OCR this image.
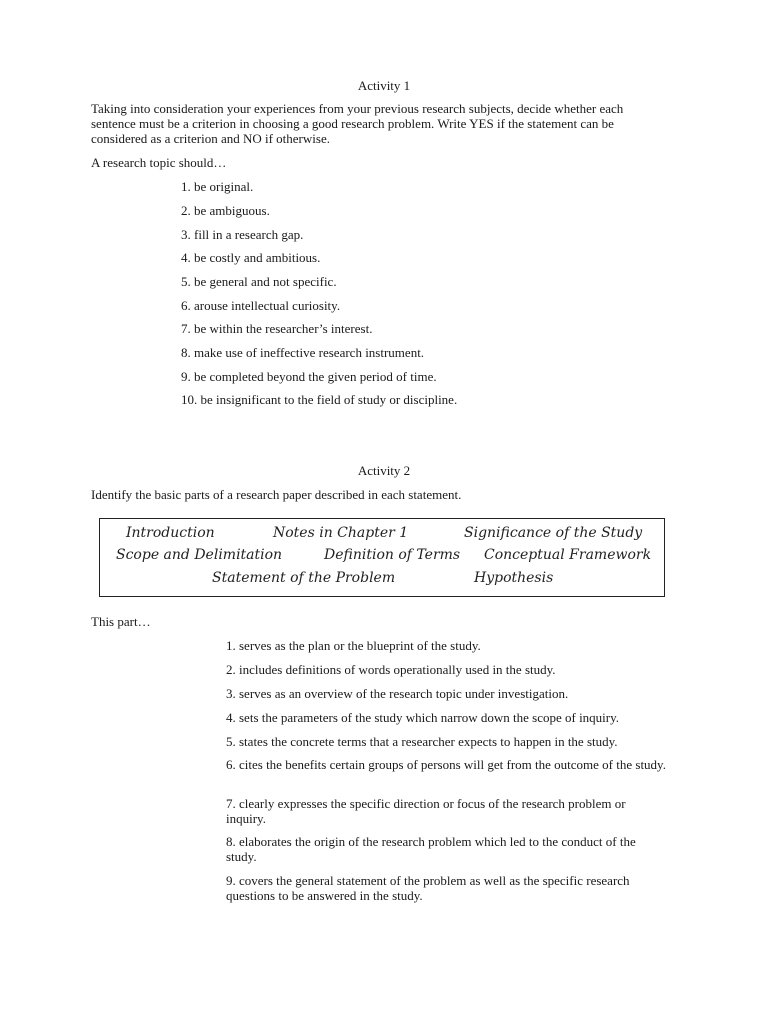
Activity 1

Taking into consideration your experiences from your previous research subjects, decide whether each sentence must be a criterion in choosing a good research problem. Write YES if the statement can be considered as a criterion and NO if otherwise.

A research topic should…

1. be original.

2. be ambiguous.

3. fill in a research gap.

4. be costly and ambitious.

5. be general and not specific.

6. arouse intellectual curiosity.

7. be within the researcher’s interest.

8. make use of ineffective research instrument.

9. be completed beyond the given period of time.

10. be insignificant to the field of study or discipline.

Activity 2

Identify the basic parts of a research paper described in each statement.

Introduction	Notes in Chapter 1	Significance of the Study
Scope and Delimitation	Definition of Terms Conceptual Framework
Statement of the Problem	Hypothesis

This part…

1. serves as the plan or the blueprint of the study.

2. includes definitions of words operationally used in the study.

3. serves as an overview of the research topic under investigation.

4. sets the parameters of the study which narrow down the scope of inquiry.

5. states the concrete terms that a researcher expects to happen in the study.

6. cites the benefits certain groups of persons will get from the outcome of the study.

7. clearly expresses the specific direction or focus of the research problem or inquiry.

8. elaborates the origin of the research problem which led to the conduct of the study.

9. covers the general statement of the problem as well as the specific research questions to be answered in the study.
